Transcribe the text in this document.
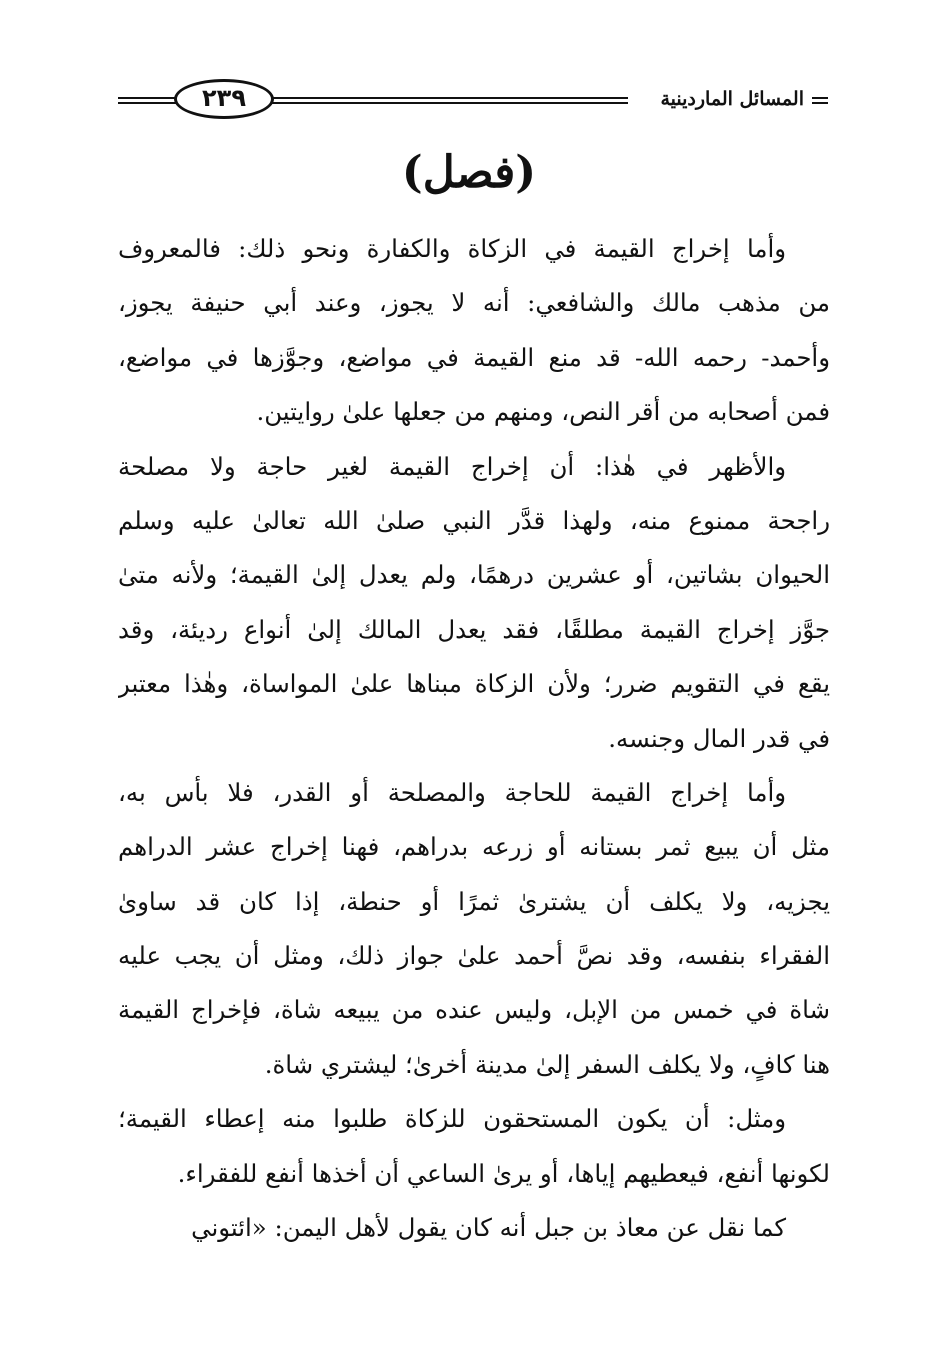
٢٣٩	المسائل الماردينية
(فصل)
وأما إخراج القيمة في الزكاة والكفارة ونحو ذلك: فالمعروف
من مذهب مالك والشافعي: أنه لا يجوز، وعند أبي حنيفة يجوز،
وأحمد- رحمه الله- قد منع القيمة في مواضع، وجوَّزها في مواضع،
فمن أصحابه من أقر النص، ومنهم من جعلها علىٰ روايتين.
والأظهر في هٰذا: أن إخراج القيمة لغير حاجة ولا مصلحة
راجحة ممنوع منه، ولهذا قدَّر النبي صلىٰ الله تعالىٰ عليه وسلم
الحيوان بشاتين، أو عشرين درهمًا، ولم يعدل إلىٰ القيمة؛ ولأنه متىٰ
جوَّز إخراج القيمة مطلقًا، فقد يعدل المالك إلىٰ أنواع رديئة، وقد
يقع في التقويم ضرر؛ ولأن الزكاة مبناها علىٰ المواساة، وهٰذا معتبر
في قدر المال وجنسه.
وأما إخراج القيمة للحاجة والمصلحة أو القدر، فلا بأس به،
مثل أن يبيع ثمر بستانه أو زرعه بدراهم، فهنا إخراج عشر الدراهم
يجزيه، ولا يكلف أن يشترىٰ ثمرًا أو حنطة، إذا كان قد ساوىٰ
الفقراء بنفسه، وقد نصَّ أحمد علىٰ جواز ذلك، ومثل أن يجب عليه
شاة في خمس من الإبل، وليس عنده من يبيعه شاة، فإخراج القيمة
هنا كافٍ، ولا يكلف السفر إلىٰ مدينة أخرىٰ؛ ليشتري شاة.
ومثل: أن يكون المستحقون للزكاة طلبوا منه إعطاء القيمة؛
لكونها أنفع، فيعطيهم إياها، أو يرىٰ الساعي أن أخذها أنفع للفقراء.
كما نقل عن معاذ بن جبل أنه كان يقول لأهل اليمن: «ائتوني
